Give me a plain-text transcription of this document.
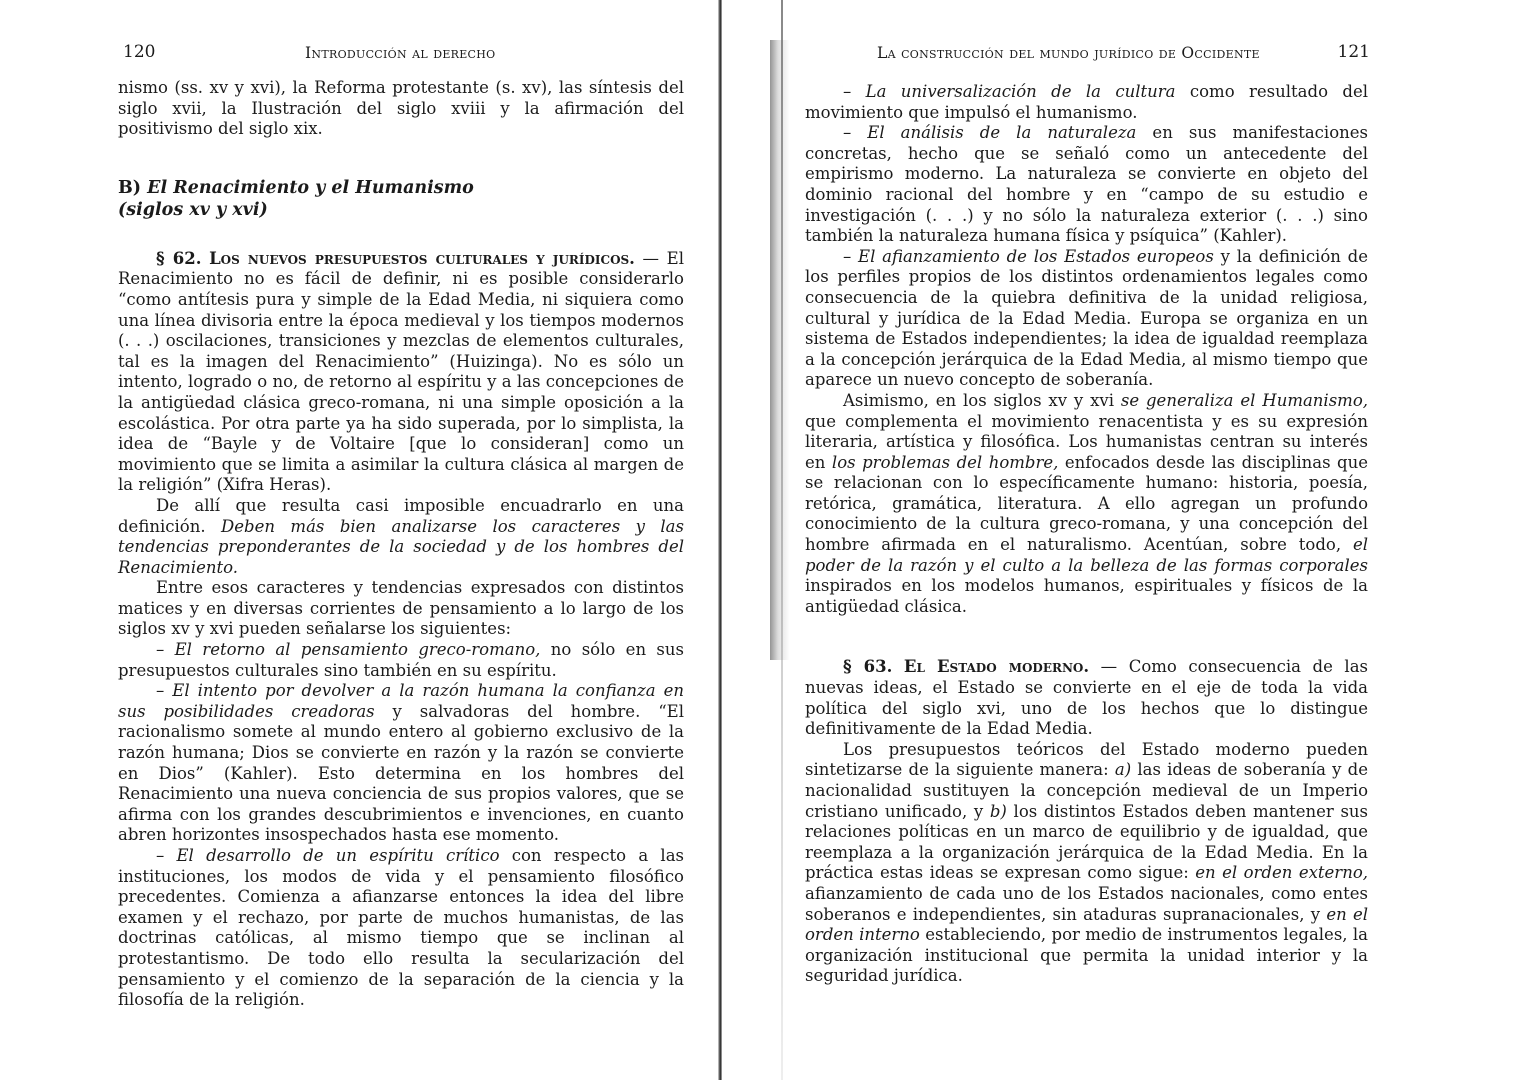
120	Introducción al derecho

nismo (ss. xv y xvi), la Reforma protestante (s. xv), las síntesis del siglo xvii, la Ilustración del siglo xviii y la afirmación del positivismo del siglo xix.

B) El Renacimiento y el Humanismo
(siglos xv y xvi)

§ 62. Los nuevos presupuestos culturales y jurídicos. — El Renacimiento no es fácil de definir, ni es posible considerarlo “como antítesis pura y simple de la Edad Media, ni siquiera como una línea divisoria entre la época medieval y los tiempos modernos (. . .) oscilaciones, transiciones y mezclas de elementos culturales, tal es la imagen del Renacimiento” (Huizinga). No es sólo un intento, logrado o no, de retorno al espíritu y a las concepciones de la antigüedad clásica greco-romana, ni una simple oposición a la escolástica. Por otra parte ya ha sido superada, por lo simplista, la idea de “Bayle y de Voltaire [que lo consideran] como un movimiento que se limita a asimilar la cultura clásica al margen de la religión” (Xifra Heras).

De allí que resulta casi imposible encuadrarlo en una definición. Deben más bien analizarse los caracteres y las tendencias preponderantes de la sociedad y de los hombres del Renacimiento.

Entre esos caracteres y tendencias expresados con distintos matices y en diversas corrientes de pensamiento a lo largo de los siglos xv y xvi pueden señalarse los siguientes:

– El retorno al pensamiento greco-romano, no sólo en sus presupuestos culturales sino también en su espíritu.

– El intento por devolver a la razón humana la confianza en sus posibilidades creadoras y salvadoras del hombre. “El racionalismo somete al mundo entero al gobierno exclusivo de la razón humana; Dios se convierte en razón y la razón se convierte en Dios” (Kahler). Esto determina en los hombres del Renacimiento una nueva conciencia de sus propios valores, que se afirma con los grandes descubrimientos e invenciones, en cuanto abren horizontes insospechados hasta ese momento.

– El desarrollo de un espíritu crítico con respecto a las instituciones, los modos de vida y el pensamiento filosófico precedentes. Comienza a afianzarse entonces la idea del libre examen y el rechazo, por parte de muchos humanistas, de las doctrinas católicas, al mismo tiempo que se inclinan al protestantismo. De todo ello resulta la secularización del pensamiento y el comienzo de la separación de la ciencia y la filosofía de la religión.

La construcción del mundo jurídico de Occidente	121

– La universalización de la cultura como resultado del movimiento que impulsó el humanismo.

– El análisis de la naturaleza en sus manifestaciones concretas, hecho que se señaló como un antecedente del empirismo moderno. La naturaleza se convierte en objeto del dominio racional del hombre y en “campo de su estudio e investigación (. . .) y no sólo la naturaleza exterior (. . .) sino también la naturaleza humana física y psíquica” (Kahler).

– El afianzamiento de los Estados europeos y la definición de los perfiles propios de los distintos ordenamientos legales como consecuencia de la quiebra definitiva de la unidad religiosa, cultural y jurídica de la Edad Media. Europa se organiza en un sistema de Estados independientes; la idea de igualdad reemplaza a la concepción jerárquica de la Edad Media, al mismo tiempo que aparece un nuevo concepto de soberanía.

Asimismo, en los siglos xv y xvi se generaliza el Humanismo, que complementa el movimiento renacentista y es su expresión literaria, artística y filosófica. Los humanistas centran su interés en los problemas del hombre, enfocados desde las disciplinas que se relacionan con lo específicamente humano: historia, poesía, retórica, gramática, literatura. A ello agregan un profundo conocimiento de la cultura greco-romana, y una concepción del hombre afirmada en el naturalismo. Acentúan, sobre todo, el poder de la razón y el culto a la belleza de las formas corporales inspirados en los modelos humanos, espirituales y físicos de la antigüedad clásica.

§ 63. El Estado moderno. — Como consecuencia de las nuevas ideas, el Estado se convierte en el eje de toda la vida política del siglo xvi, uno de los hechos que lo distingue definitivamente de la Edad Media.

Los presupuestos teóricos del Estado moderno pueden sintetizarse de la siguiente manera: a) las ideas de soberanía y de nacionalidad sustituyen la concepción medieval de un Imperio cristiano unificado, y b) los distintos Estados deben mantener sus relaciones políticas en un marco de equilibrio y de igualdad, que reemplaza a la organización jerárquica de la Edad Media. En la práctica estas ideas se expresan como sigue: en el orden externo, afianzamiento de cada uno de los Estados nacionales, como entes soberanos e independientes, sin ataduras supranacionales, y en el orden interno estableciendo, por medio de instrumentos legales, la organización institucional que permita la unidad interior y la seguridad jurídica.
